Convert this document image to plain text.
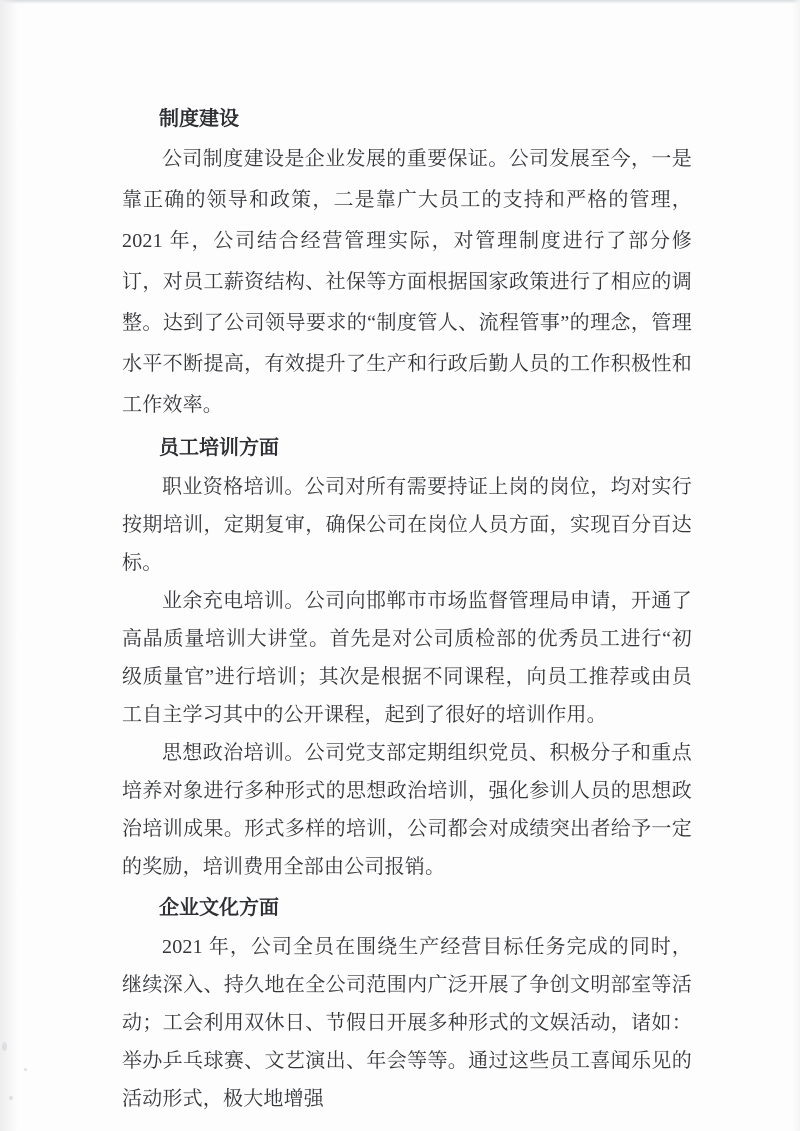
制度建设

公司制度建设是企业发展的重要保证。公司发展至今，一是靠正确的领导和政策，二是靠广大员工的支持和严格的管理，2021 年，公司结合经营管理实际，对管理制度进行了部分修订，对员工薪资结构、社保等方面根据国家政策进行了相应的调整。达到了公司领导要求的“制度管人、流程管事”的理念，管理水平不断提高，有效提升了生产和行政后勤人员的工作积极性和工作效率。

员工培训方面

职业资格培训。公司对所有需要持证上岗的岗位，均对实行按期培训，定期复审，确保公司在岗位人员方面，实现百分百达标。

业余充电培训。公司向邯郸市市场监督管理局申请，开通了高晶质量培训大讲堂。首先是对公司质检部的优秀员工进行“初级质量官”进行培训；其次是根据不同课程，向员工推荐或由员工自主学习其中的公开课程，起到了很好的培训作用。

思想政治培训。公司党支部定期组织党员、积极分子和重点培养对象进行多种形式的思想政治培训，强化参训人员的思想政治培训成果。形式多样的培训，公司都会对成绩突出者给予一定的奖励，培训费用全部由公司报销。

企业文化方面

2021 年，公司全员在围绕生产经营目标任务完成的同时，继续深入、持久地在全公司范围内广泛开展了争创文明部室等活动；工会利用双休日、节假日开展多种形式的文娱活动，诸如：举办乒乓球赛、文艺演出、年会等等。通过这些员工喜闻乐见的活动形式，极大地增强
